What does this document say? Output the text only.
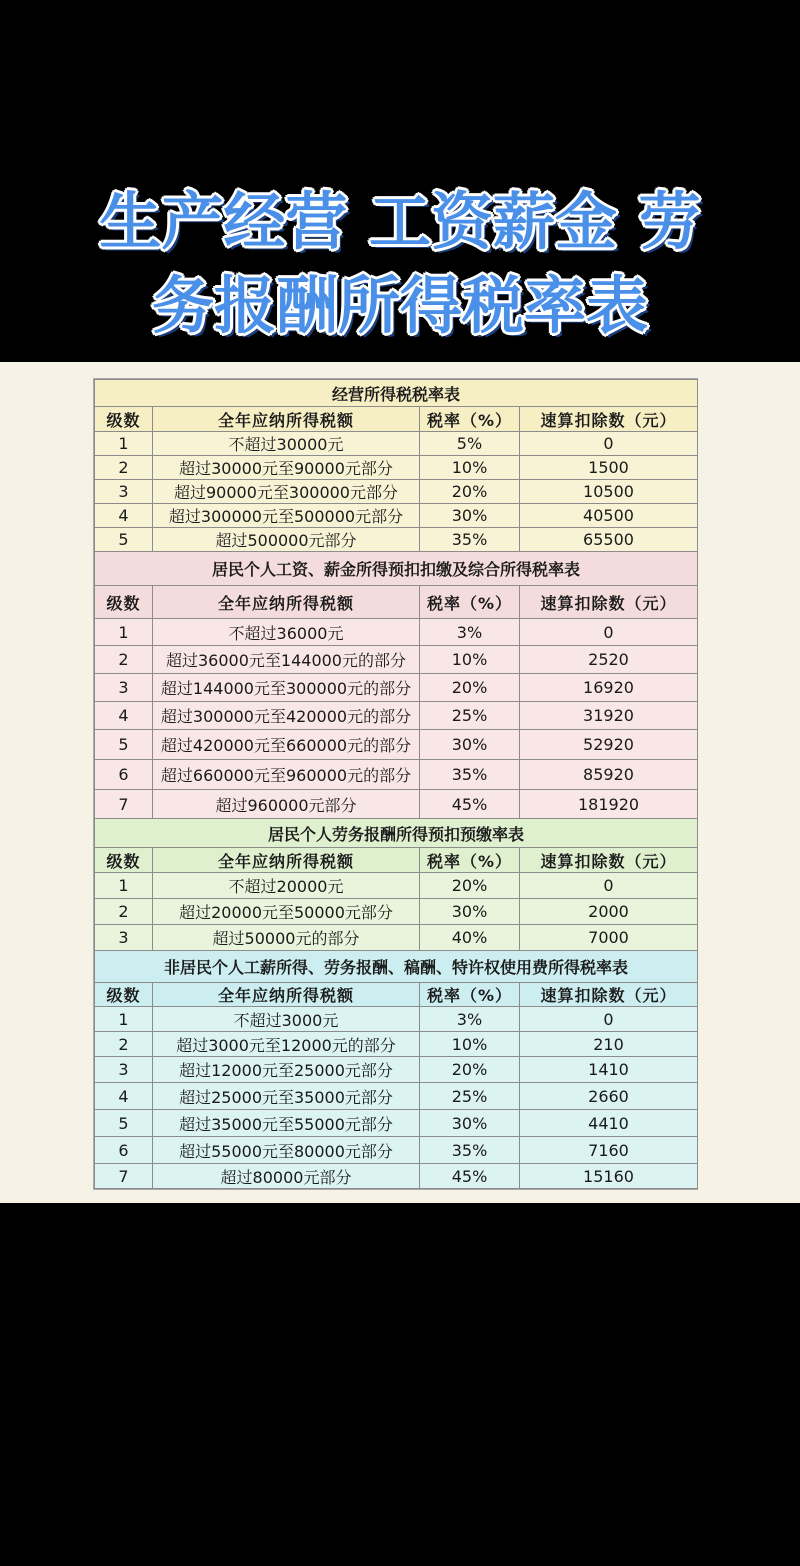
生产经营 工资薪金 劳
务报酬所得税率表
经营所得税税率表			
级数	全年应纳所得税额	税率（%）	速算扣除数（元）
1	不超过30000元	5%	0
2	超过30000元至90000元部分	10%	1500
3	超过90000元至300000元部分	20%	10500
4	超过300000元至500000元部分	30%	40500
5	超过500000元部分	35%	65500
居民个人工资、薪金所得预扣扣缴及综合所得税率表			
级数	全年应纳所得税额	税率（%）	速算扣除数（元）
1	不超过36000元	3%	0
2	超过36000元至144000元的部分	10%	2520
3	超过144000元至300000元的部分	20%	16920
4	超过300000元至420000元的部分	25%	31920
5	超过420000元至660000元的部分	30%	52920
6	超过660000元至960000元的部分	35%	85920
7	超过960000元部分	45%	181920
居民个人劳务报酬所得预扣预缴率表			
级数	全年应纳所得税额	税率（%）	速算扣除数（元）
1	不超过20000元	20%	0
2	超过20000元至50000元部分	30%	2000
3	超过50000元的部分	40%	7000
非居民个人工薪所得、劳务报酬、稿酬、特许权使用费所得税率表			
级数	全年应纳所得税额	税率（%）	速算扣除数（元）
1	不超过3000元	3%	0
2	超过3000元至12000元的部分	10%	210
3	超过12000元至25000元部分	20%	1410
4	超过25000元至35000元部分	25%	2660
5	超过35000元至55000元部分	30%	4410
6	超过55000元至80000元部分	35%	7160
7	超过80000元部分	45%	15160
